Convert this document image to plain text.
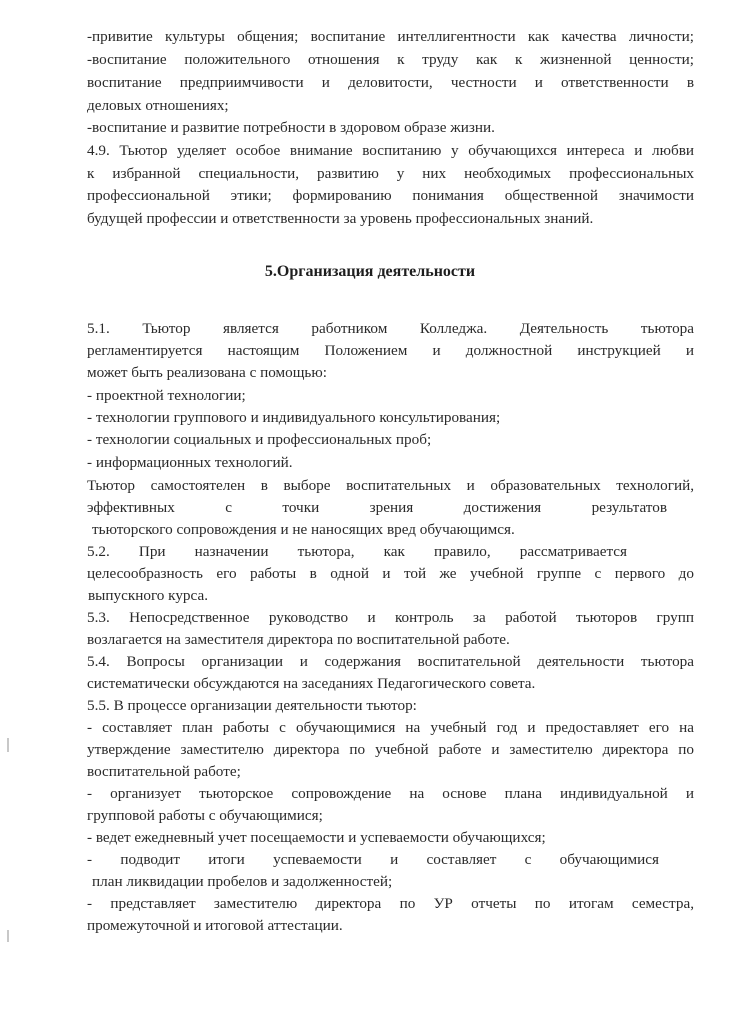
-привитие культуры общения; воспитание интеллигентности как качества личности;
-воспитание положительного отношения к труду как к жизненной ценности;
воспитание предприимчивости и деловитости, честности и ответственности в
деловых отношениях;
-воспитание и развитие потребности в здоровом образе жизни.
4.9. Тьютор уделяет особое внимание воспитанию у обучающихся интереса и любви
к избранной специальности, развитию у них необходимых профессиональных
профессиональной этики; формированию понимания общественной значимости
будущей профессии и ответственности за уровень профессиональных знаний.
5.1. Тьютор является работником Колледжа. Деятельность тьютора
регламентируется настоящим Положением и должностной инструкцией и
может быть реализована с помощью:
- проектной технологии;
- технологии группового и индивидуального консультирования;
- технологии социальных и профессиональных проб;
- информационных технологий.
Тьютор самостоятелен в выборе воспитательных и образовательных технологий,
эффективных с точки зрения достижения результатов
тьюторского сопровождения и не наносящих вред обучающимся.
5.2. При назначении тьютора, как правило, рассматривается
целесообразность его работы в одной и той же учебной группе с первого до
выпускного курса.
5.3. Непосредственное руководство и контроль за работой тьюторов групп
возлагается на заместителя директора по воспитательной работе.
5.4. Вопросы организации и содержания воспитательной деятельности тьютора
систематически обсуждаются на заседаниях Педагогического совета.
5.5. В процессе организации деятельности тьютор:
- составляет план работы с обучающимися на учебный год и предоставляет его на
утверждение заместителю директора по учебной работе и заместителю директора по
воспитательной работе;
- организует тьюторское сопровождение на основе плана индивидуальной и
групповой работы с обучающимися;
- ведет ежедневный учет посещаемости и успеваемости обучающихся;
- подводит итоги успеваемости и составляет с обучающимися
план ликвидации пробелов и задолженностей;
- представляет заместителю директора по УР отчеты по итогам семестра,
промежуточной и итоговой аттестации.
5.Организация деятельности
